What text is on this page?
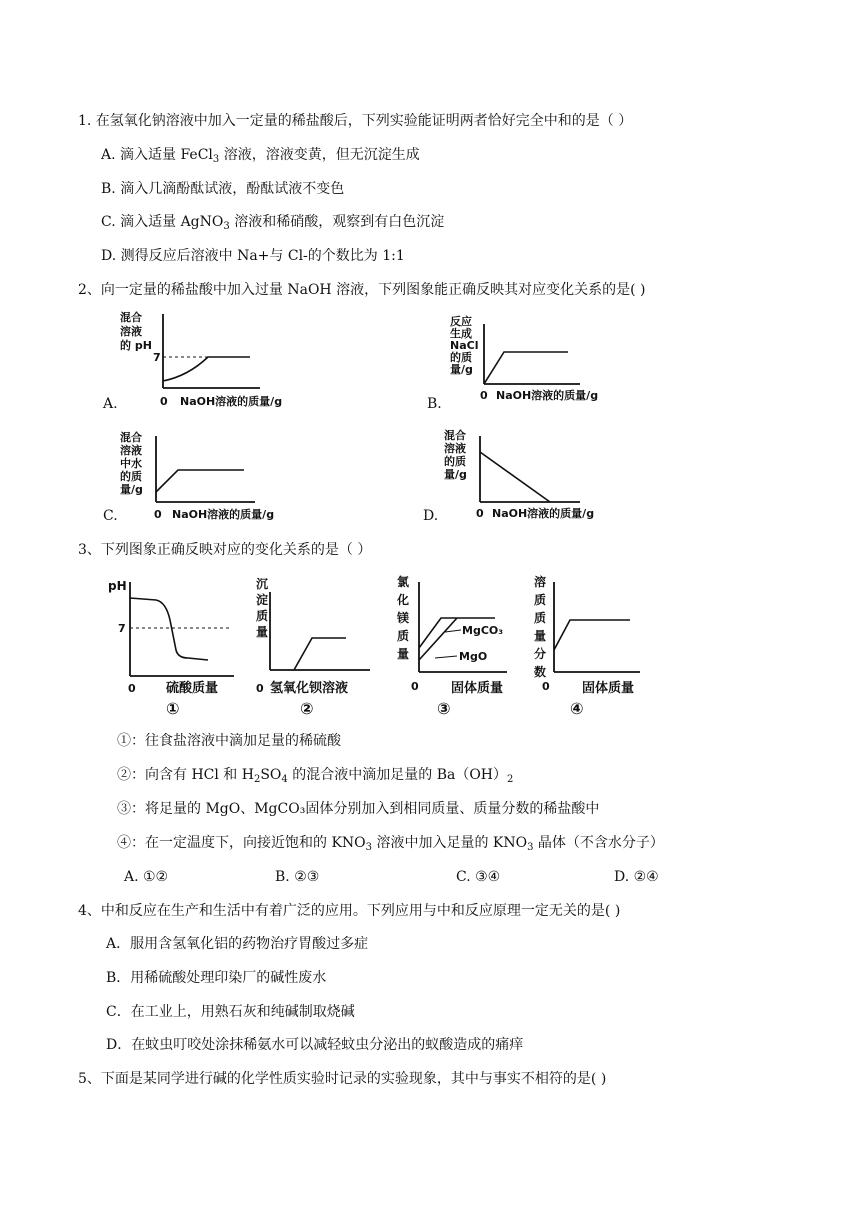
1. 在氢氧化钠溶液中加入一定量的稀盐酸后，下列实验能证明两者恰好完全中和的是（ ）
A. 滴入适量 FeCl$_3$ 溶液，溶液变黄，但无沉淀生成
B. 滴入几滴酚酞试液，酚酞试液不变色
C. 滴入适量 AgNO$_3$ 溶液和稀硝酸，观察到有白色沉淀
D. 测得反应后溶液中 Na+与 Cl-的个数比为 1:1
2、向一定量的稀盐酸中加入过量 NaOH 溶液，下列图象能正确反映其对应变化关系的是( )
A.
混合
溶液
的 pH
7
0 NaOH溶液的质量/g	B.
反应
生成
NaCl
的质
量/g
0 NaOH溶液的质量/g
C.
混合
溶液
中水
的质
量/g
0 NaOH溶液的质量/g	D.
混合
溶液
的质
量/g
0 NaOH溶液的质量/g
3、下列图象正确反映对应的变化关系的是（ ）
pH
7
0 硫酸质量
①
沉
淀
质
量
0 氢氧化钡溶液
②
氯
化
镁
质
量
MgCO₃
MgO
0 固体质量
③
溶
质
质
量
分
数
0 固体质量
④
①：往食盐溶液中滴加足量的稀硫酸
②：向含有 HCl 和 $H_2SO_4$ 的混合液中滴加足量的 $Ba(OH)_2$
③：将足量的 MgO、MgCO₃固体分别加入到相同质量、质量分数的稀盐酸中
④：在一定温度下，向接近饱和的 $KNO_3$ 溶液中加入足量的 $KNO_3$ 晶体（不含水分子）
A. ①②	B. ②③	C. ③④	D. ②④
4、中和反应在生产和生活中有着广泛的应用。下列应用与中和反应原理一定无关的是( )
A．服用含氢氧化铝的药物治疗胃酸过多症
B．用稀硫酸处理印染厂的碱性废水
C．在工业上，用熟石灰和纯碱制取烧碱
D．在蚊虫叮咬处涂抹稀氨水可以减轻蚊虫分泌出的蚁酸造成的痛痒
5、下面是某同学进行碱的化学性质实验时记录的实验现象，其中与事实不相符的是( )
